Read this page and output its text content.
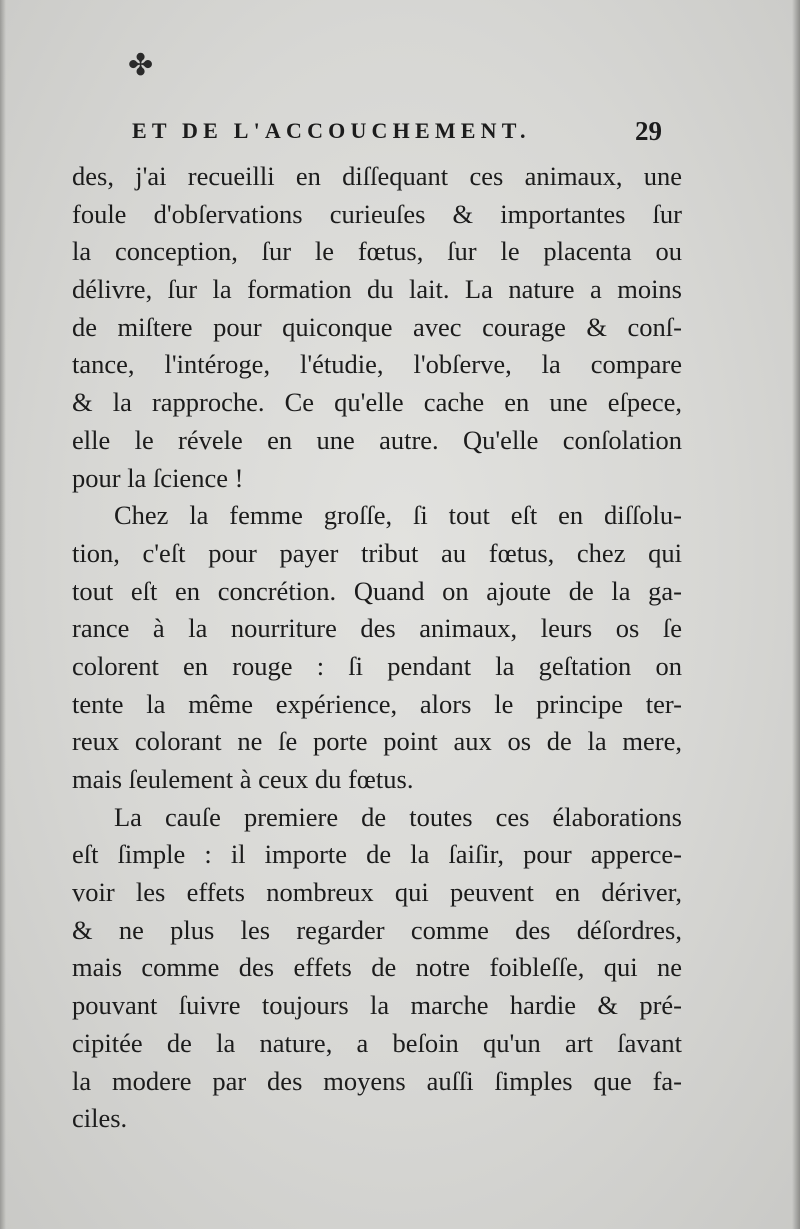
✤
ET DE L'ACCOUCHEMENT.	29
des, j'ai recueilli en diſſequant ces animaux, une
foule d'obſervations curieuſes & importantes ſur
la conception, ſur le fœtus, ſur le placenta ou
délivre, ſur la formation du lait. La nature a moins
de miſtere pour quiconque avec courage & conſ-
tance, l'intéroge, l'étudie, l'obſerve, la compare
& la rapproche. Ce qu'elle cache en une eſpece,
elle le révele en une autre. Qu'elle conſolation
pour la ſcience !
Chez la femme groſſe, ſi tout eſt en diſſolu-
tion, c'eſt pour payer tribut au fœtus, chez qui
tout eſt en concrétion. Quand on ajoute de la ga-
rance à la nourriture des animaux, leurs os ſe
colorent en rouge : ſi pendant la geſtation on
tente la même expérience, alors le principe ter-
reux colorant ne ſe porte point aux os de la mere,
mais ſeulement à ceux du fœtus.
La cauſe premiere de toutes ces élaborations
eſt ſimple : il importe de la ſaiſir, pour apperce-
voir les effets nombreux qui peuvent en dériver,
& ne plus les regarder comme des déſordres,
mais comme des effets de notre foibleſſe, qui ne
pouvant ſuivre toujours la marche hardie & pré-
cipitée de la nature, a beſoin qu'un art ſavant
la modere par des moyens auſſi ſimples que fa-
ciles.
